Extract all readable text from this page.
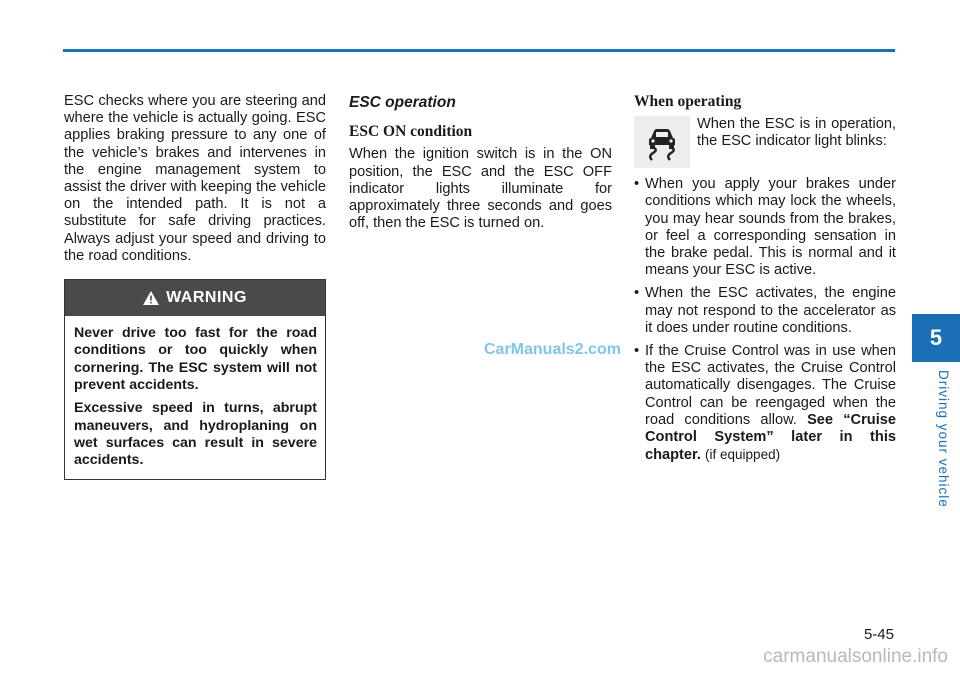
ESC checks where you are steering and where the vehicle is actually going. ESC applies braking pressure to any one of the vehicle’s brakes and intervenes in the engine management system to assist the driver with keeping the vehicle on the intended path. It is not a substitute for safe driving practices. Always adjust your speed and driving to the road conditions.

WARNING

Never drive too fast for the road conditions or too quickly when cornering. The ESC system will not prevent accidents.

Excessive speed in turns, abrupt maneuvers, and hydroplaning on wet surfaces can result in severe accidents.

ESC operation
ESC ON condition

When the ignition switch is in the ON position, the ESC and the ESC OFF indicator lights illuminate for approximately three seconds and goes off, then the ESC is turned on.

When operating

When the ESC is in operation, the ESC indicator light blinks:

• When you apply your brakes under conditions which may lock the wheels, you may hear sounds from the brakes, or feel a corresponding sensation in the brake pedal. This is normal and it means your ESC is active.
• When the ESC activates, the engine may not respond to the accelerator as it does under routine conditions.
• If the Cruise Control was in use when the ESC activates, the Cruise Control automatically disengages. The Cruise Control can be reengaged when the road conditions allow. See “Cruise Control System” later in this chapter. (if equipped)
CarManuals2.com	5
Driving your vehicle
5-45
carmanualsonline.info
